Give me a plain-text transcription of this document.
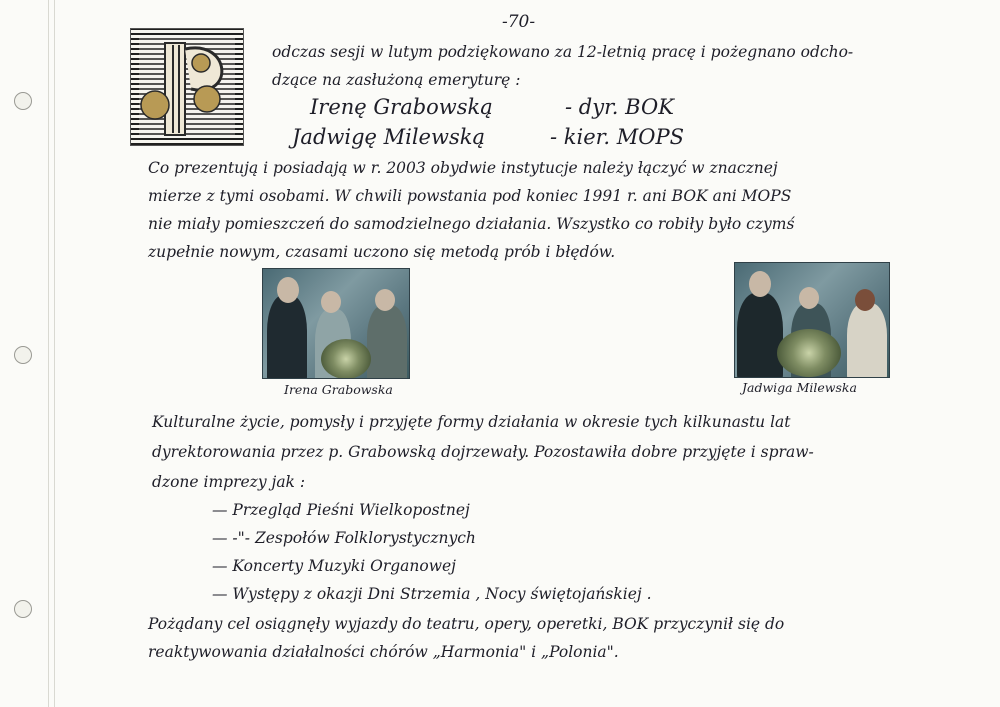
-70-
odczas sesji w lutym podziękowano za 12-letnią pracę i pożegnano odcho-
dzące na zasłużoną emeryturę :
Irenę Grabowską	- dyr. BOK
Jadwigę Milewską	- kier. MOPS
Co prezentują i posiadają w r. 2003 obydwie instytucje należy łączyć w znacznej
mierze z tymi osobami. W chwili powstania pod koniec 1991 r. ani BOK ani MOPS
nie miały pomieszczeń do samodzielnego działania. Wszystko co robiły było czymś
zupełnie nowym, czasami uczono się metodą prób i błędów.
Irena Grabowska	Jadwiga Milewska
Kulturalne życie, pomysły i przyjęte formy działania w okresie tych kilkunastu lat
dyrektorowania przez p. Grabowską dojrzewały. Pozostawiła dobre przyjęte i spraw-
dzone imprezy jak :
— Przegląd Pieśni Wielkopostnej
— -"- Zespołów Folklorystycznych
— Koncerty Muzyki Organowej
— Występy z okazji Dni Strzemia , Nocy świętojańskiej .
Pożądany cel osiągnęły wyjazdy do teatru, opery, operetki, BOK przyczynił się do
reaktywowania działalności chórów „Harmonia" i „Polonia".
